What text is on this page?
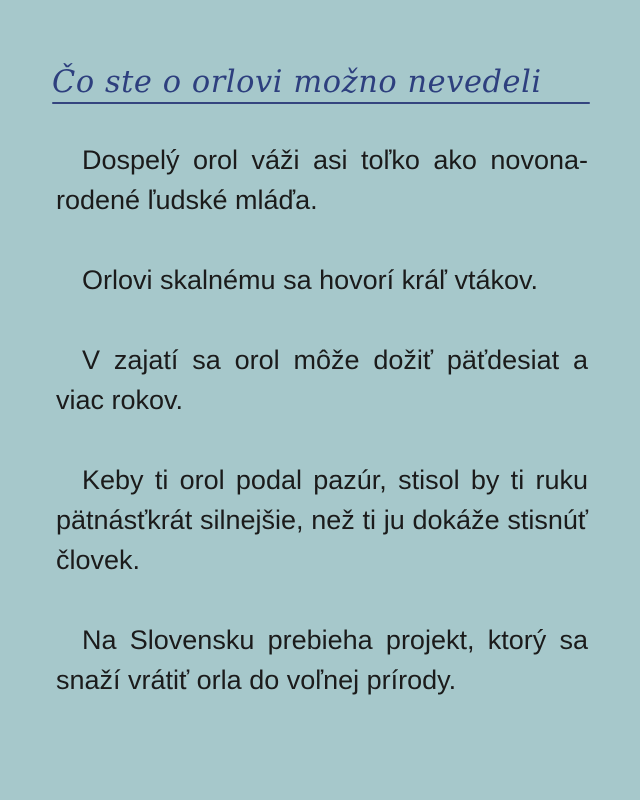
Čo ste o orlovi možno nevedeli

Dospelý orol váži asi toľko ako novonarodené ľudské mláďa.

Orlovi skalnému sa hovorí kráľ vtákov.

V zajatí sa orol môže dožiť päťdesiat a viac rokov.

Keby ti orol podal pazúr, stisol by ti ruku pätnásťkrát silnejšie, než ti ju dokáže stisnúť človek.

Na Slovensku prebieha projekt, ktorý sa snaží vrátiť orla do voľnej prírody.
